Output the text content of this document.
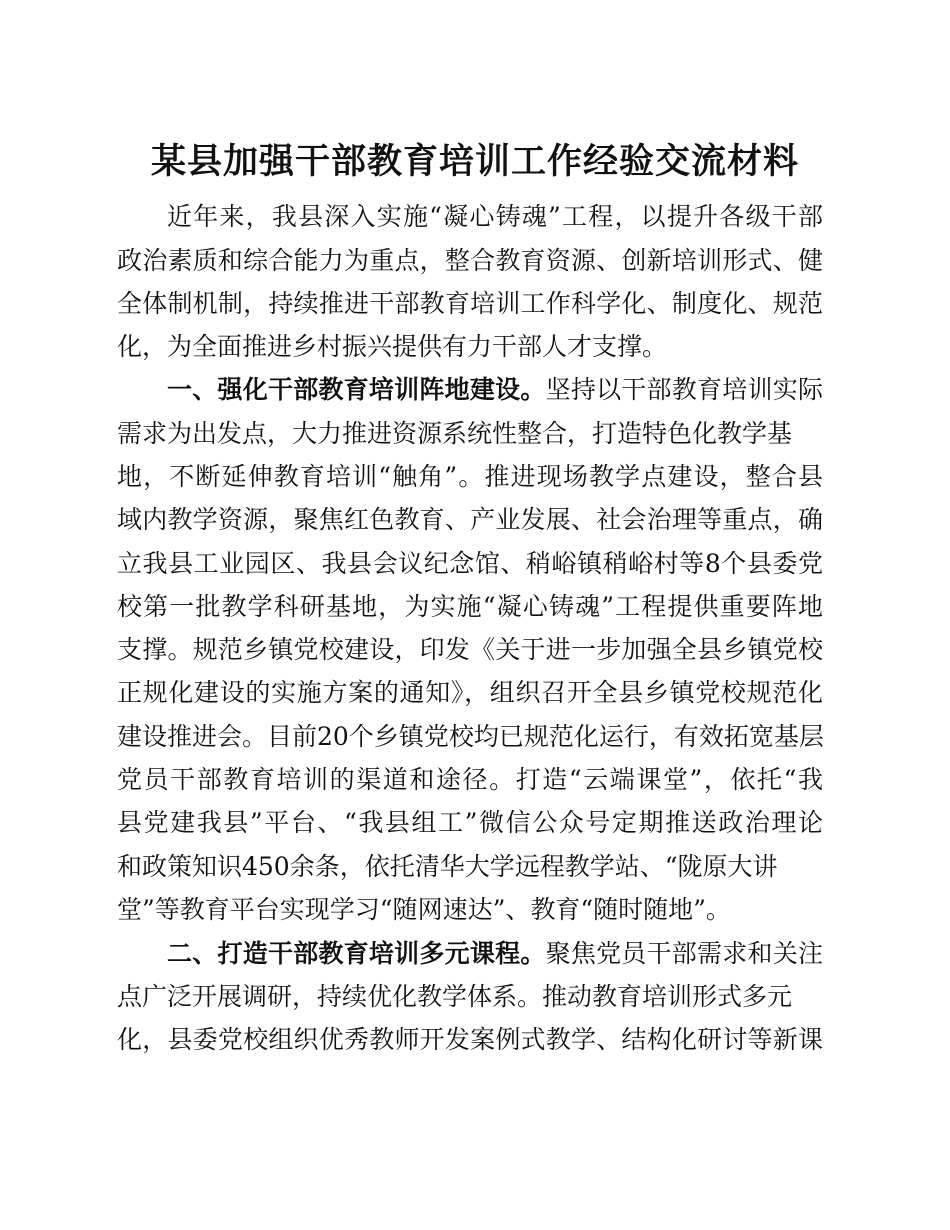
某县加强干部教育培训工作经验交流材料
近年来，我县深入实施“凝心铸魂”工程，以提升各级干部
政治素质和综合能力为重点，整合教育资源、创新培训形式、健
全体制机制，持续推进干部教育培训工作科学化、制度化、规范
化，为全面推进乡村振兴提供有力干部人才支撑。
一、强化干部教育培训阵地建设。坚持以干部教育培训实际
需求为出发点，大力推进资源系统性整合，打造特色化教学基
地，不断延伸教育培训“触角”。推进现场教学点建设，整合县
域内教学资源，聚焦红色教育、产业发展、社会治理等重点，确
立我县工业园区、我县会议纪念馆、稍峪镇稍峪村等8个县委党
校第一批教学科研基地，为实施“凝心铸魂”工程提供重要阵地
支撑。规范乡镇党校建设，印发《关于进一步加强全县乡镇党校
正规化建设的实施方案的通知》，组织召开全县乡镇党校规范化
建设推进会。目前20个乡镇党校均已规范化运行，有效拓宽基层
党员干部教育培训的渠道和途径。打造“云端课堂”，依托“我
县党建我县”平台、“我县组工”微信公众号定期推送政治理论
和政策知识450余条，依托清华大学远程教学站、“陇原大讲
堂”等教育平台实现学习“随网速达”、教育“随时随地”。
二、打造干部教育培训多元课程。聚焦党员干部需求和关注
点广泛开展调研，持续优化教学体系。推动教育培训形式多元
化，县委党校组织优秀教师开发案例式教学、结构化研讨等新课
